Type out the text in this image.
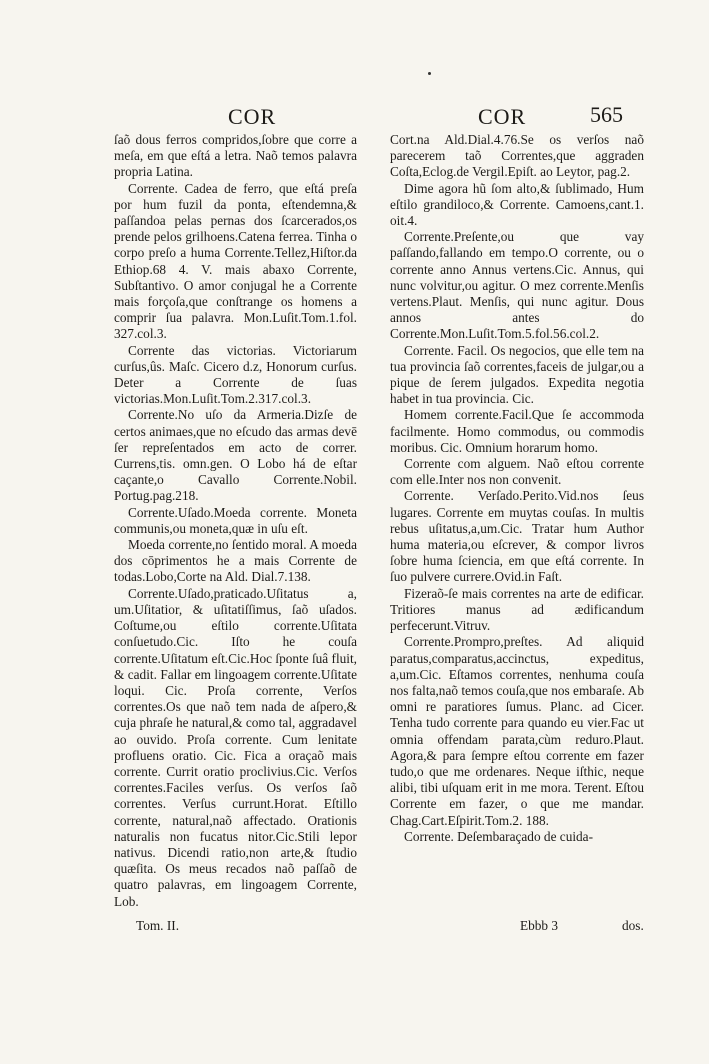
COR	COR	565

ſaõ dous ferros compridos,ſobre que corre a meſa, em que eſtá a letra. Naõ temos palavra propria Latina.

Corrente. Cadea de ferro, que eſtá preſa por hum fuzil da ponta, eſtendemna,& paſſandoa pelas pernas dos ſcarcerados,os prende pelos grilhoens.Catena ferrea. Tinha o corpo preſo a huma Corrente.Tellez,Hiſtor.da Ethiop.68 4. V. mais abaxo Corrente, Subſtantivo. O amor conjugal he a Corrente mais forçoſa,que conſtrange os homens a comprir ſua palavra. Mon.Luſit.Tom.1.fol. 327.col.3.

Corrente das victorias. Victoriarum curſus,ûs. Maſc. Cicero d.z, Honorum curſus. Deter a Corrente de ſuas victorias.Mon.Luſit.Tom.2.317.col.3.

Corrente.No uſo da Armeria.Dizſe de certos animaes,que no eſcudo das armas devē ſer repreſentados em acto de correr. Currens,tis. omn.gen. O Lobo há de eſtar caçante,o Cavallo Corrente.Nobil. Portug.pag.218.

Corrente.Uſado.Moeda corrente. Moneta communis,ou moneta,quæ in uſu eſt.

Moeda corrente,no ſentido moral. A moeda dos cōprimentos he a mais Corrente de todas.Lobo,Corte na Ald. Dial.7.138.

Corrente.Uſado,praticado.Uſitatus a, um.Uſitatior, & uſitatiſſimus, ſaõ uſados. Coſtume,ou eſtilo corrente.Uſitata conſuetudo.Cic. Iſto he couſa corrente.Uſitatum eſt.Cic.Hoc ſponte ſuâ fluit, & cadit. Fallar em lingoagem corrente.Uſitate loqui. Cic. Proſa corrente, Verſos correntes.Os que naõ tem nada de aſpero,& cuja phraſe he natural,& como tal, aggradavel ao ouvido. Proſa corrente. Cum lenitate profluens oratio. Cic. Fica a oraçaõ mais corrente. Currit oratio proclivius.Cic. Verſos correntes.Faciles verſus. Os verſos ſaõ correntes. Verſus currunt.Horat. Eſtillo corrente, natural,naõ affectado. Orationis naturalis non fucatus nitor.Cic.Stili lepor nativus. Dicendi ratio,non arte,& ſtudio quæſita. Os meus recados naõ paſſaõ de quatro palavras, em lingoagem Corrente, Lob.

Cort.na Ald.Dial.4.76.Se os verſos naõ parecerem taõ Correntes,que aggraden Coſta,Eclog.de Vergil.Epiſt. ao Leytor, pag.2.

Dime agora hũ ſom alto,& ſublimado, Hum eſtilo grandiloco,& Corrente. Camoens,cant.1. oit.4.

Corrente.Preſente,ou que vay paſſando,fallando em tempo.O corrente, ou o corrente anno Annus vertens.Cic. Annus, qui nunc volvitur,ou agitur. O mez corrente.Menſis vertens.Plaut. Menſis, qui nunc agitur. Dous annos antes do Corrente.Mon.Luſit.Tom.5.fol.56.col.2.

Corrente. Facil. Os negocios, que elle tem na tua provincia ſaõ correntes,faceis de julgar,ou a pique de ſerem julgados. Expedita negotia habet in tua provincia. Cic.

Homem corrente.Facil.Que ſe accommoda facilmente. Homo commodus, ou commodis moribus. Cic. Omnium horarum homo.

Corrente com alguem. Naõ eſtou corrente com elle.Inter nos non convenit.

Corrente. Verſado.Perito.Vid.nos ſeus lugares. Corrente em muytas couſas. In multis rebus uſitatus,a,um.Cic. Tratar hum Author huma materia,ou eſcrever, & compor livros ſobre huma ſciencia, em que eſtá corrente. In ſuo pulvere currere.Ovid.in Faſt.

Fizeraõ-ſe mais correntes na arte de edificar. Tritiores manus ad ædificandum perfecerunt.Vitruv.

Corrente.Prompro,preſtes. Ad aliquid paratus,comparatus,accinctus, expeditus, a,um.Cic. Eſtamos correntes, nenhuma couſa nos falta,naõ temos couſa,que nos embaraſe. Ab omni re paratiores ſumus. Planc. ad Cicer. Tenha tudo corrente para quando eu vier.Fac ut omnia offendam parata,cùm reduro.Plaut. Agora,& para ſempre eſtou corrente em fazer tudo,o que me ordenares. Neque iſthic, neque alibi, tibi uſquam erit in me mora. Terent. Eſtou Corrente em fazer, o que me mandar. Chag.Cart.Eſpirit.Tom.2. 188.

Corrente. Deſembaraçado de cuida-

Tom. II.	Ebbb 3	dos.
